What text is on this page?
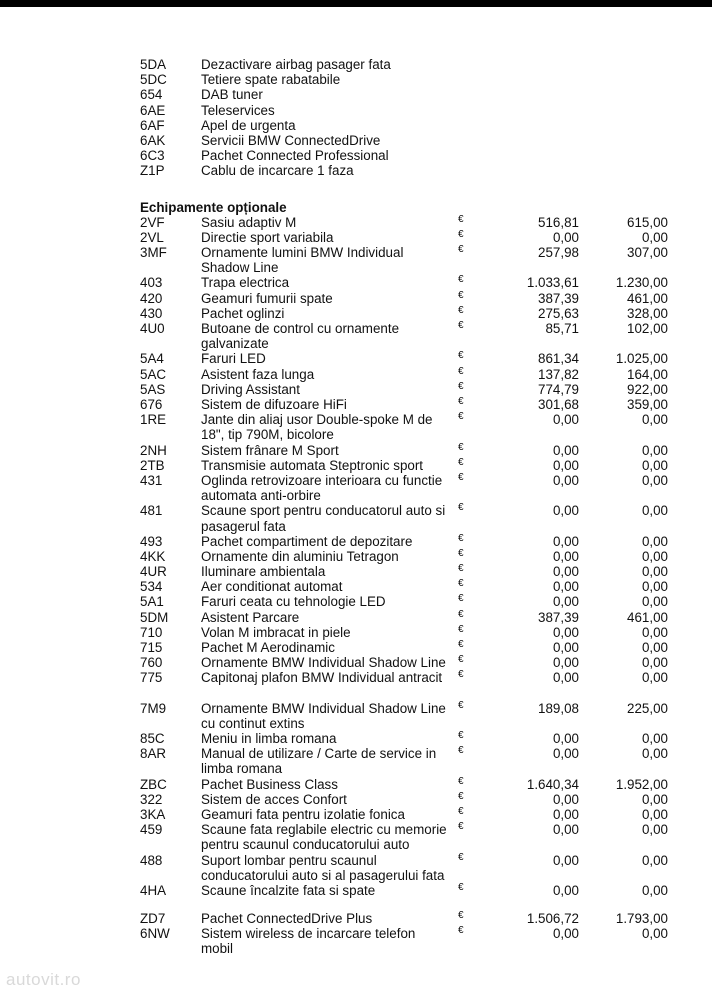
5DA	Dezactivare airbag pasager fata
5DC	Tetiere spate rabatabile
654	DAB tuner
6AE	Teleservices
6AF	Apel de urgenta
6AK	Servicii BMW ConnectedDrive
6C3	Pachet Connected Professional
Z1P	Cablu de incarcare 1 faza
Echipamente opționale
2VF	Sasiu adaptiv M	€	516,81	615,00
2VL	Directie sport variabila	€	0,00	0,00
3MF	Ornamente lumini BMW Individual Shadow Line
€	257,98	307,00
403	Trapa electrica	€	1.033,61	1.230,00
420	Geamuri fumurii spate	€	387,39	461,00
430	Pachet oglinzi	€	275,63	328,00
4U0	Butoane de control cu ornamente galvanizate
€	85,71	102,00
5A4	Faruri LED	€	861,34	1.025,00
5AC	Asistent faza lunga	€	137,82	164,00
5AS	Driving Assistant	€	774,79	922,00
676	Sistem de difuzoare HiFi	€	301,68	359,00
1RE	Jante din aliaj usor Double-spoke M de 18", tip 790M, bicolore
€	0,00	0,00
2NH	Sistem frânare M Sport	€	0,00	0,00
2TB	Transmisie automata Steptronic sport	€	0,00	0,00
431	Oglinda retrovizoare interioara cu functie automata anti-orbire
€	0,00	0,00
481	Scaune sport pentru conducatorul auto si pasagerul fata
€	0,00	0,00
493	Pachet compartiment de depozitare	€	0,00	0,00
4KK	Ornamente din aluminiu Tetragon	€	0,00	0,00
4UR	Iluminare ambientala	€	0,00	0,00
534	Aer conditionat automat	€	0,00	0,00
5A1	Faruri ceata cu tehnologie LED	€	0,00	0,00
5DM	Asistent Parcare	€	387,39	461,00
710	Volan M imbracat in piele	€	0,00	0,00
715	Pachet M Aerodinamic	€	0,00	0,00
760	Ornamente BMW Individual Shadow Line	€	0,00	0,00
775	Capitonaj plafon BMW Individual antracit	€	0,00	0,00
7M9	Ornamente BMW Individual Shadow Line cu continut extins
€	189,08	225,00
85C	Meniu in limba romana	€	0,00	0,00
8AR	Manual de utilizare / Carte de service in limba romana
€	0,00	0,00
ZBC	Pachet Business Class	€	1.640,34	1.952,00
322	Sistem de acces Confort	€	0,00	0,00
3KA	Geamuri fata pentru izolatie fonica	€	0,00	0,00
459	Scaune fata reglabile electric cu memorie pentru scaunul conducatorului auto
€	0,00	0,00
488	Suport lombar pentru scaunul conducatorului auto si al pasagerului fata
€	0,00	0,00
4HA	Scaune încalzite fata si spate	€	0,00	0,00
ZD7	Pachet ConnectedDrive Plus	€	1.506,72	1.793,00
6NW	Sistem wireless de incarcare telefon mobil
€	0,00	0,00
autovit.ro
